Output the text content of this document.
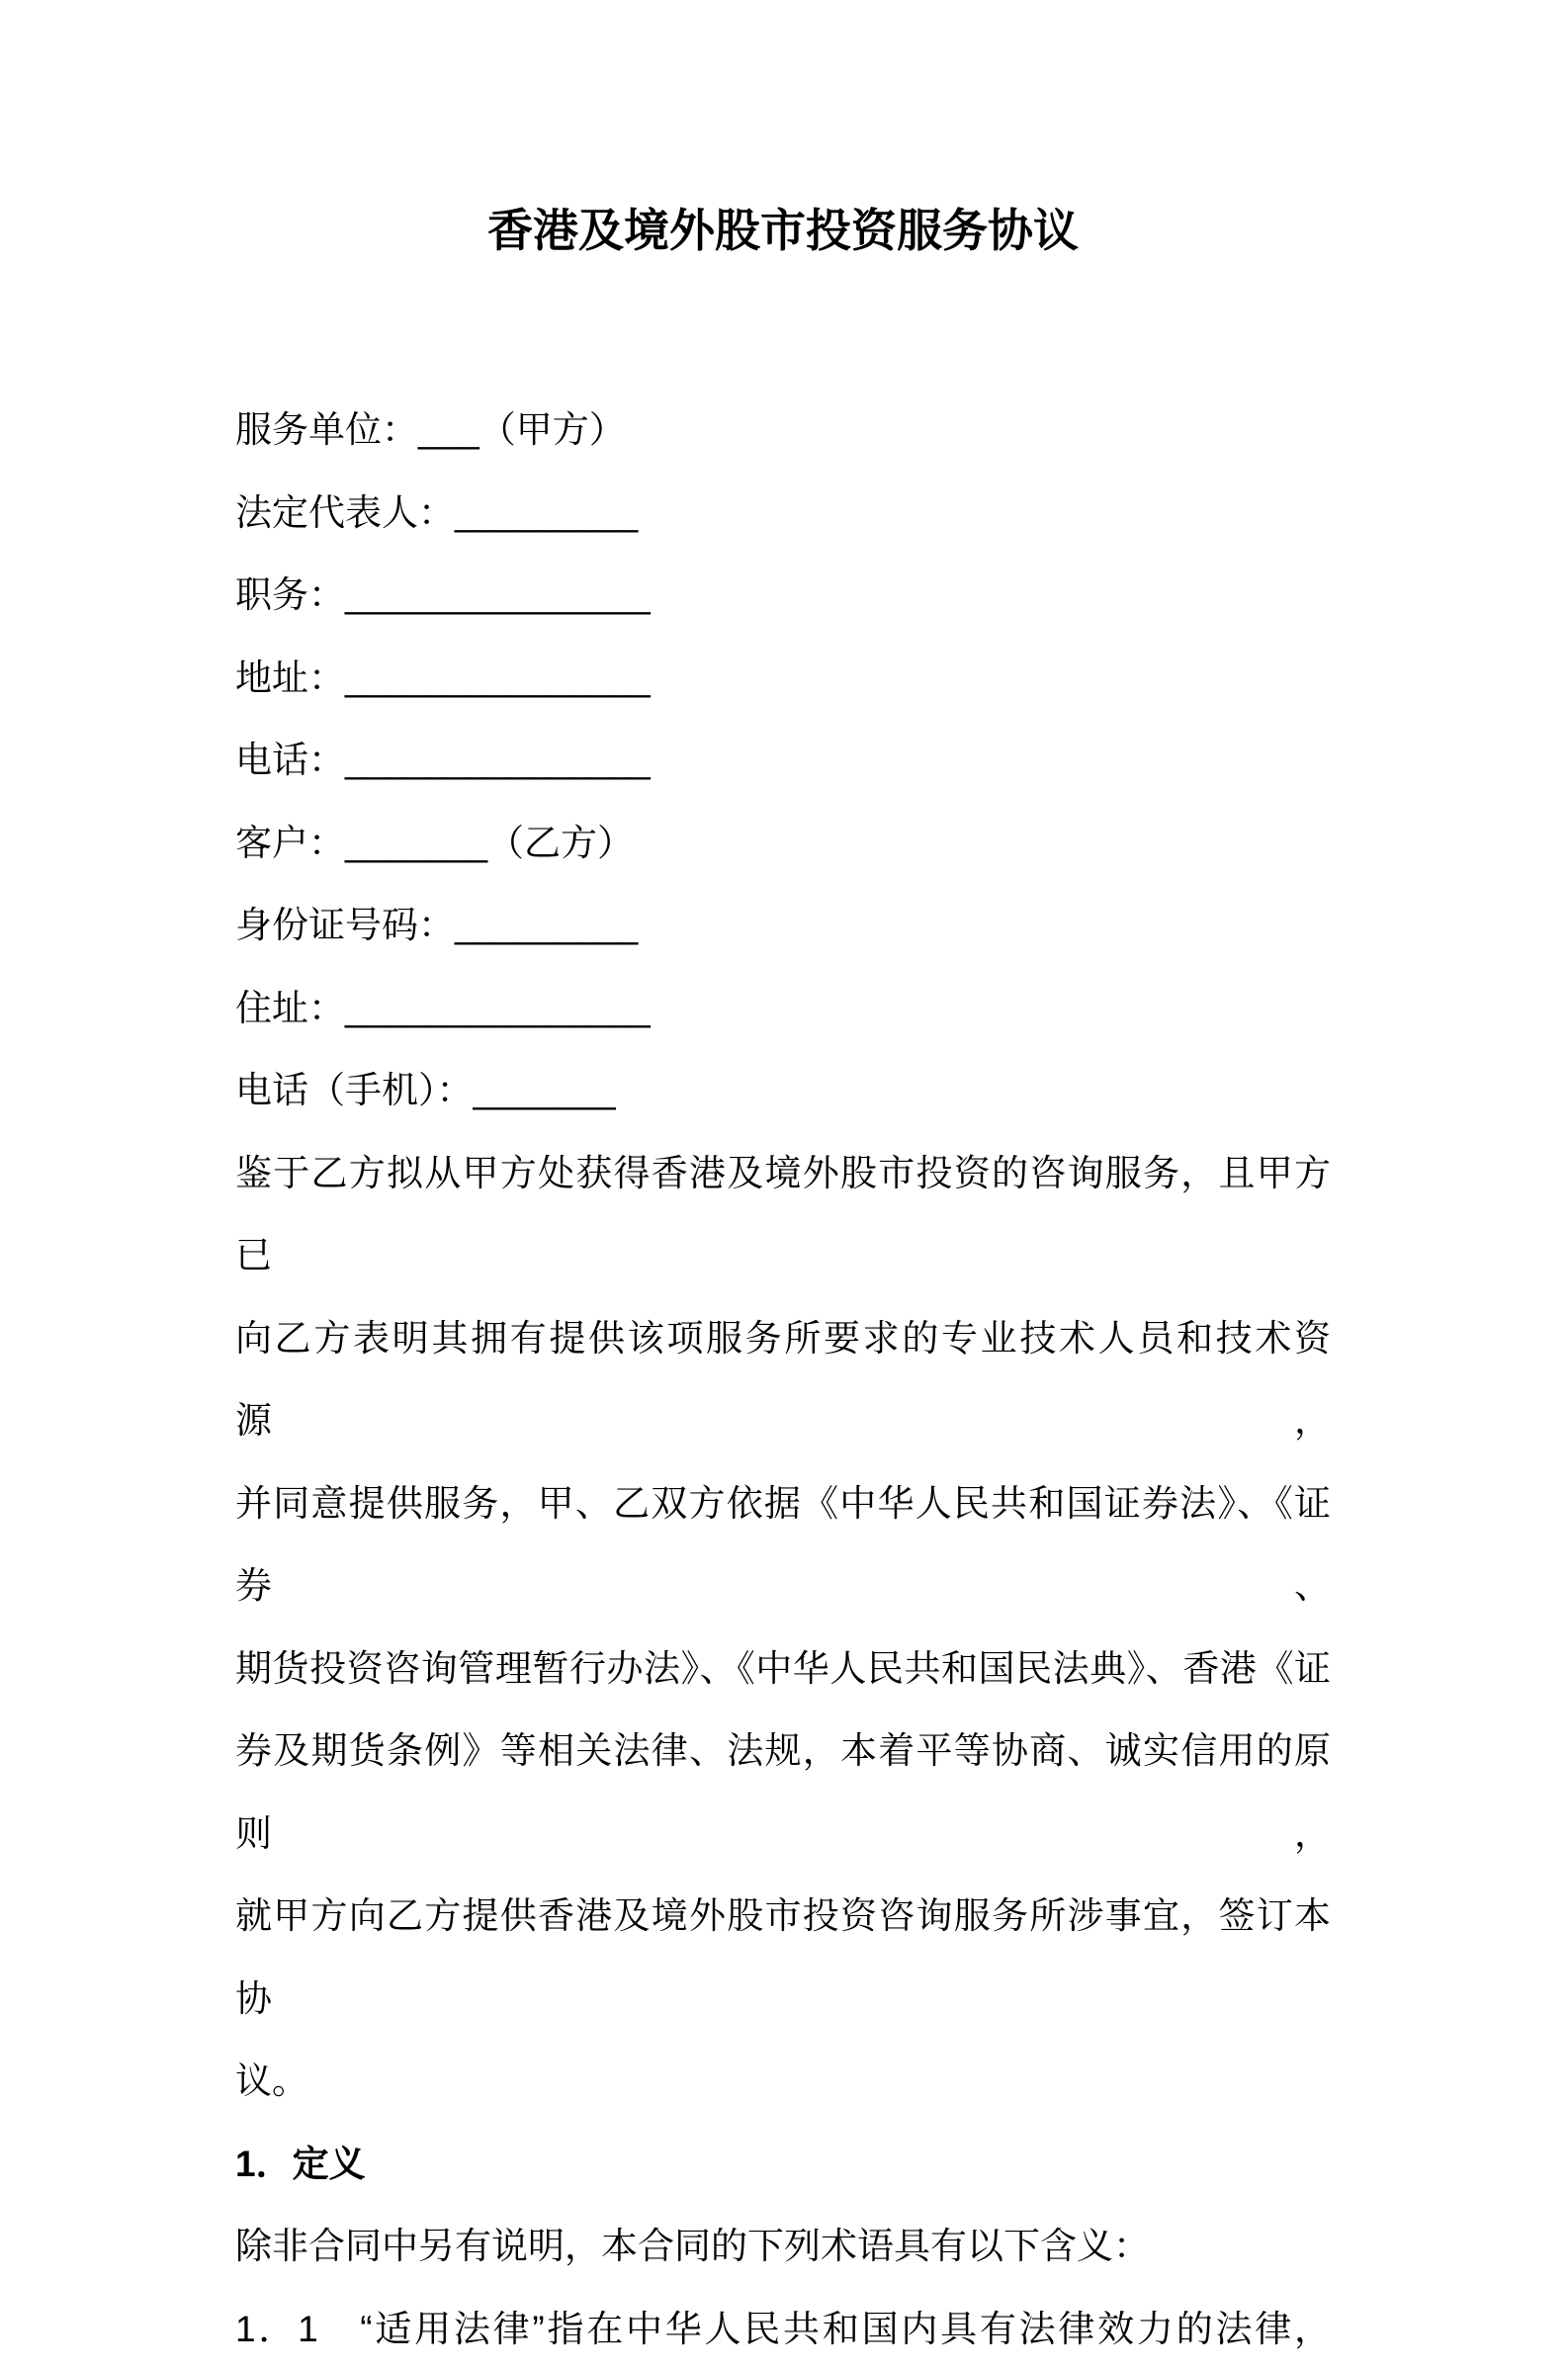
香港及境外股市投资服务协议
服务单位：___（甲方）
法定代表人：_________
职务：_______________
地址：_______________
电话：_______________
客户：_______（乙方）
身份证号码：_________
住址：_______________
电话（手机）：_______
鉴于乙方拟从甲方处获得香港及境外股市投资的咨询服务，且甲方已
向乙方表明其拥有提供该项服务所要求的专业技术人员和技术资源，
并同意提供服务，甲、乙双方依据《中华人民共和国证券法》、《证券、
期货投资咨询管理暂行办法》、《中华人民共和国民法典》、香港《证
券及期货条例》等相关法律、法规，本着平等协商、诚实信用的原则，
就甲方向乙方提供香港及境外股市投资咨询服务所涉事宜，签订本协
议。
1．定义
除非合同中另有说明，本合同的下列术语具有以下含义：
1．1　“适用法律”指在中华人民共和国内具有法律效力的法律，
